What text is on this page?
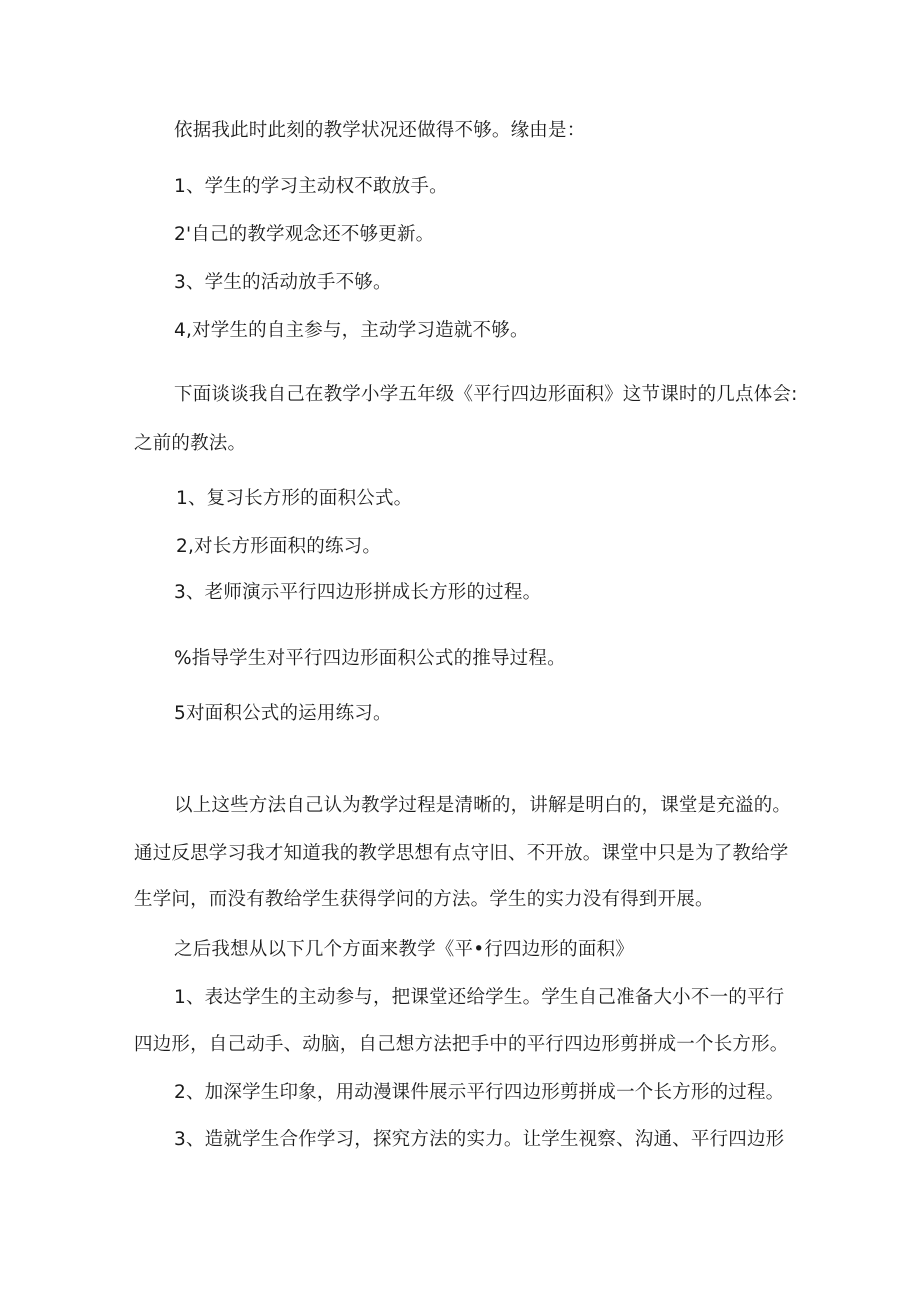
依据我此时此刻的教学状况还做得不够。缘由是：
1、学生的学习主动权不敢放手。
2'自己的教学观念还不够更新。
3、学生的活动放手不够。
4,对学生的自主参与，主动学习造就不够。
下面谈谈我自己在教学小学五年级《平行四边形面积》这节课时的几点体会:
之前的教法。
1、复习长方形的面积公式。
2,对长方形面积的练习。
3、老师演示平行四边形拼成长方形的过程。
%指导学生对平行四边形面积公式的推导过程。
5对面积公式的运用练习。
以上这些方法自己认为教学过程是清晰的，讲解是明白的，课堂是充溢的。
通过反思学习我才知道我的教学思想有点守旧、不开放。课堂中只是为了教给学
生学问，而没有教给学生获得学问的方法。学生的实力没有得到开展。
之后我想从以下几个方面来教学《平•行四边形的面积》
1、表达学生的主动参与，把课堂还给学生。学生自己准备大小不一的平行
四边形，自己动手、动脑，自己想方法把手中的平行四边形剪拼成一个长方形。
2、加深学生印象，用动漫课件展示平行四边形剪拼成一个长方形的过程。
3、造就学生合作学习，探究方法的实力。让学生视察、沟通、平行四边形
